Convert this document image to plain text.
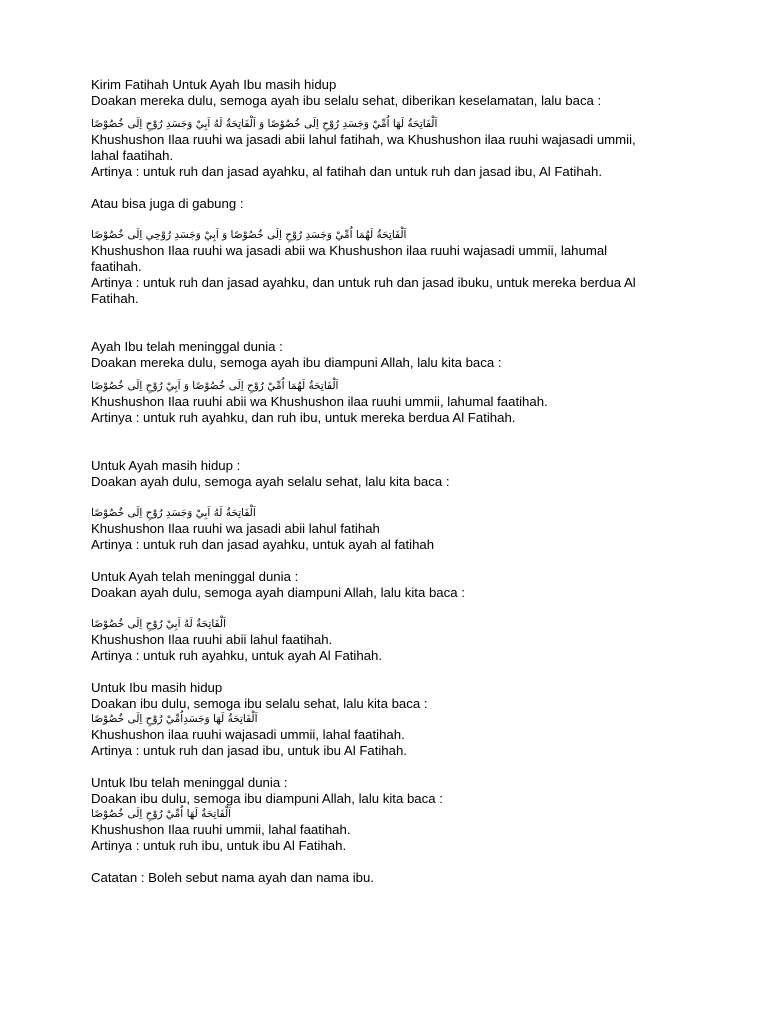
Kirim Fatihah Untuk Ayah Ibu masih hidup
Doakan mereka dulu, semoga ayah ibu selalu sehat, diberikan keselamatan, lalu baca :
اَلْفَاتِحَةُ لَهَا اُمِّيْ وَجَسَدِ رُوْحِ اِلَى خُصُوْصًا وَ اَلْفَاتِحَةُ لَهُ اَبِيْ وَجَسَدِ رُوْحِ اِلَى خُصُوْصًا
Khushushon Ilaa ruuhi wa jasadi abii lahul fatihah, wa Khushushon ilaa ruuhi wajasadi ummii,
lahal faatihah.
Artinya : untuk ruh dan jasad ayahku, al fatihah dan untuk ruh dan jasad ibu, Al Fatihah.
Atau bisa juga di gabung :
اَلْفَاتِحَةُ لَهُمَا اُمِّيْ وَجَسَدِ رُوْحِ اِلَى خُصُوْصًا وَ اَبِيْ وَجَسَدِ رُوْحِي اِلَى خُصُوْصًا
Khushushon Ilaa ruuhi wa jasadi abii wa Khushushon ilaa ruuhi wajasadi ummii, lahumal
faatihah.
Artinya : untuk ruh dan jasad ayahku, dan untuk ruh dan jasad ibuku, untuk mereka berdua Al
Fatihah.
Ayah Ibu telah meninggal dunia :
Doakan mereka dulu, semoga ayah ibu diampuni Allah, lalu kita baca :
اَلْفَاتِحَةُ لَهُمَا اُمِّيْ رُوْحِ اِلَى خُصُوْصًا وَ اَبِيْ رُوْحِ اِلَى خُصُوْصًا
Khushushon Ilaa ruuhi abii wa Khushushon ilaa ruuhi ummii, lahumal faatihah.
Artinya : untuk ruh ayahku, dan ruh ibu, untuk mereka berdua Al Fatihah.
Untuk Ayah masih hidup :
Doakan ayah dulu, semoga ayah selalu sehat, lalu kita baca :
اَلْفَاتِحَةُ لَهُ اَبِيْ وَجَسَدِ رُوْحِ اِلَى خُصُوْصًا
Khushushon Ilaa ruuhi wa jasadi abii lahul fatihah
Artinya : untuk ruh dan jasad ayahku, untuk ayah al fatihah
Untuk Ayah telah meninggal dunia :
Doakan ayah dulu, semoga ayah diampuni Allah, lalu kita baca :
اَلْفَاتِحَةُ لَهُ اَبِيْ رُوْحِ اِلَى خُصُوْصًا
Khushushon Ilaa ruuhi abii lahul faatihah.
Artinya : untuk ruh ayahku, untuk ayah Al Fatihah.
Untuk Ibu masih hidup
Doakan ibu dulu, semoga ibu selalu sehat, lalu kita baca :
اَلْفَاتِحَةُ لَهَا وَجَسَدِاُمِّيْ رُوْحِ اِلَى خُصُوْصًا
Khushushon ilaa ruuhi wajasadi ummii, lahal faatihah.
Artinya : untuk ruh dan jasad ibu, untuk ibu Al Fatihah.
Untuk Ibu telah meninggal dunia :
Doakan ibu dulu, semoga ibu diampuni Allah, lalu kita baca :
اَلْفَاتِحَةُ لَهَا اُمِّيْ رُوْحِ اِلَى خُصُوْصًا
Khushushon Ilaa ruuhi ummii, lahal faatihah.
Artinya : untuk ruh ibu, untuk ibu Al Fatihah.
Catatan : Boleh sebut nama ayah dan nama ibu.
